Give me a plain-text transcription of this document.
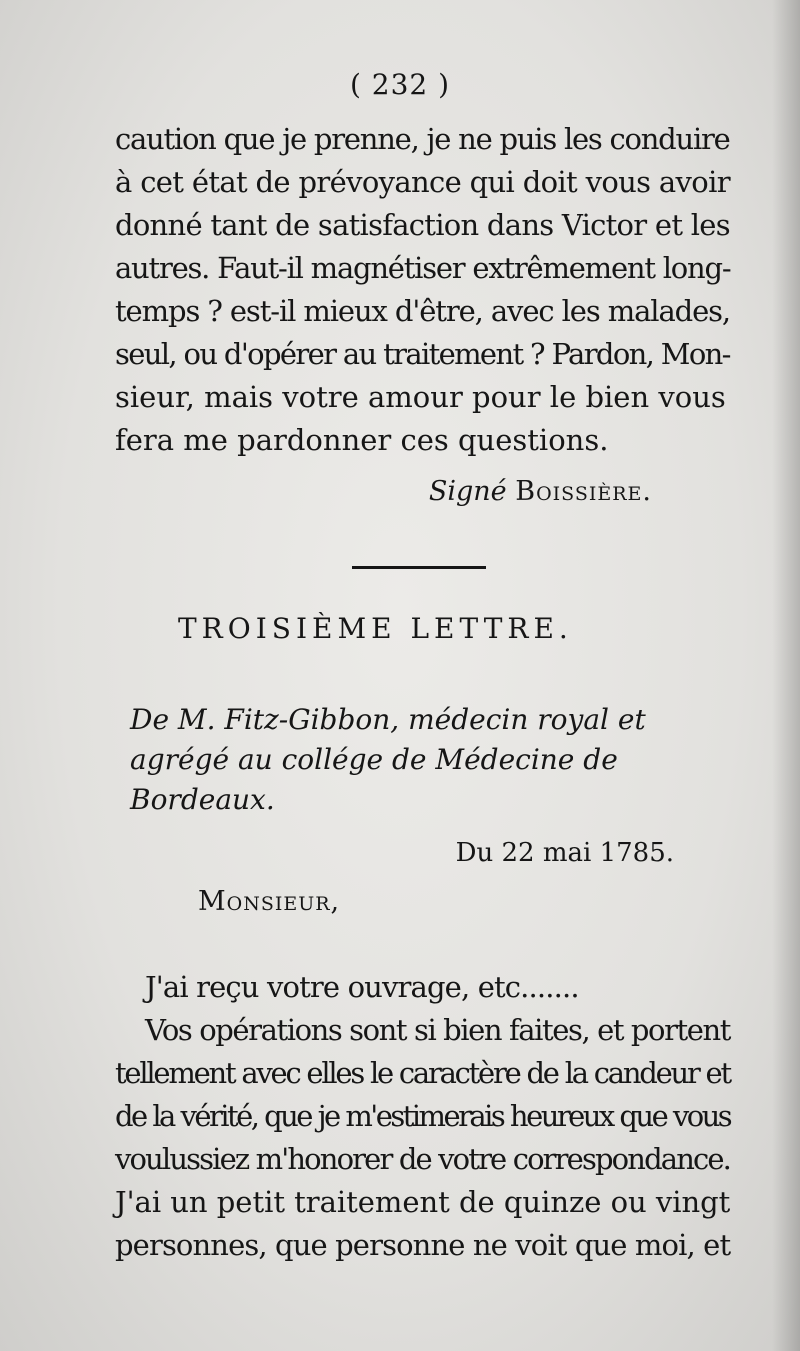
( 232 )
caution que je prenne, je ne puis les conduire
à cet état de prévoyance qui doit vous avoir
donné tant de satisfaction dans Victor et les
autres. Faut-il magnétiser extrêmement long-
temps ? est-il mieux d'être, avec les malades,
seul, ou d'opérer au traitement ? Pardon, Mon-
sieur, mais votre amour pour le bien vous
fera me pardonner ces questions.
Signé Boissière.
TROISIÈME LETTRE.
De M. Fitz-Gibbon, médecin royal et agrégé au collége de Médecine de Bordeaux.
Du 22 mai 1785.
Monsieur,
J'ai reçu votre ouvrage, etc.......
Vos opérations sont si bien faites, et portent
tellement avec elles le caractère de la candeur et
de la vérité, que je m'estimerais heureux que vous
voulussiez m'honorer de votre correspondance.
J'ai un petit traitement de quinze ou vingt
personnes, que personne ne voit que moi, et
